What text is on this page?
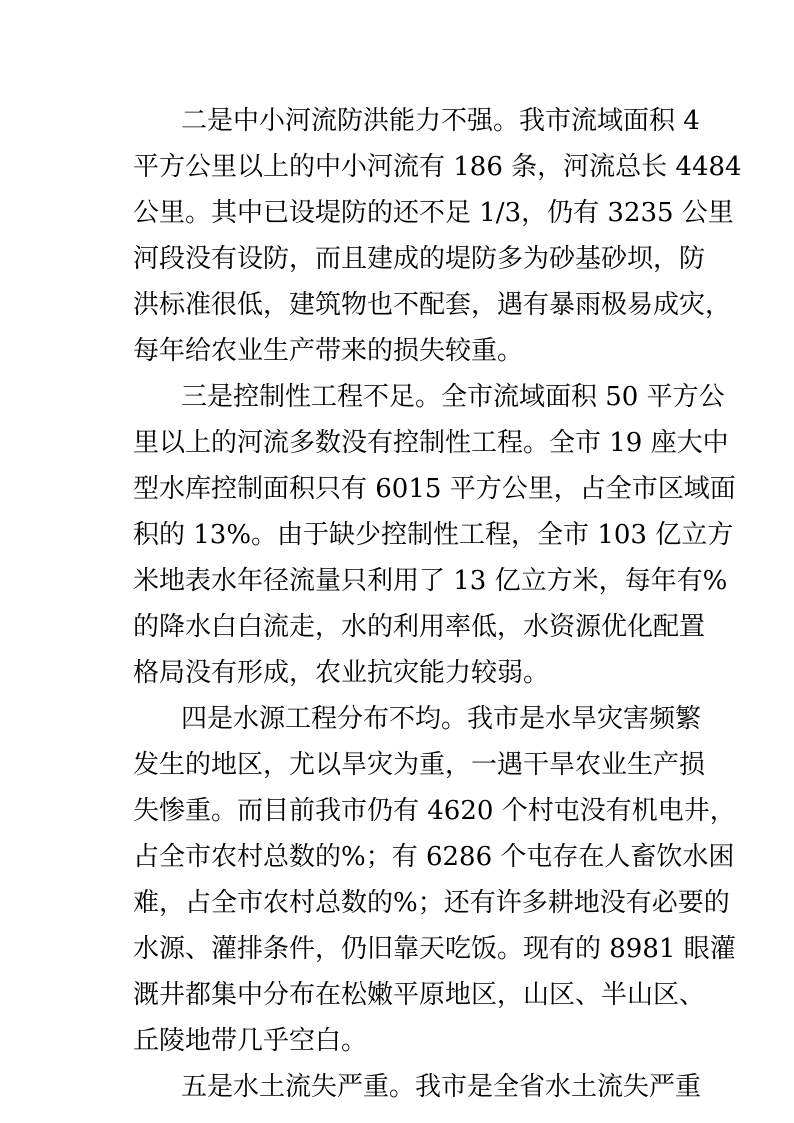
二是中小河流防洪能力不强。我市流域面积 4
平方公里以上的中小河流有 186 条，河流总长 4484
公里。其中已设堤防的还不足 1/3，仍有 3235 公里
河段没有设防，而且建成的堤防多为砂基砂坝，防
洪标准很低，建筑物也不配套，遇有暴雨极易成灾，
每年给农业生产带来的损失较重。
三是控制性工程不足。全市流域面积 50 平方公
里以上的河流多数没有控制性工程。全市 19 座大中
型水库控制面积只有 6015 平方公里，占全市区域面
积的 13%。由于缺少控制性工程，全市 103 亿立方
米地表水年径流量只利用了 13 亿立方米，每年有%
的降水白白流走，水的利用率低，水资源优化配置
格局没有形成，农业抗灾能力较弱。
四是水源工程分布不均。我市是水旱灾害频繁
发生的地区，尤以旱灾为重，一遇干旱农业生产损
失惨重。而目前我市仍有 4620 个村屯没有机电井，
占全市农村总数的%；有 6286 个屯存在人畜饮水困
难，占全市农村总数的%；还有许多耕地没有必要的
水源、灌排条件，仍旧靠天吃饭。现有的 8981 眼灌
溉井都集中分布在松嫩平原地区，山区、半山区、
丘陵地带几乎空白。
五是水土流失严重。我市是全省水土流失严重
